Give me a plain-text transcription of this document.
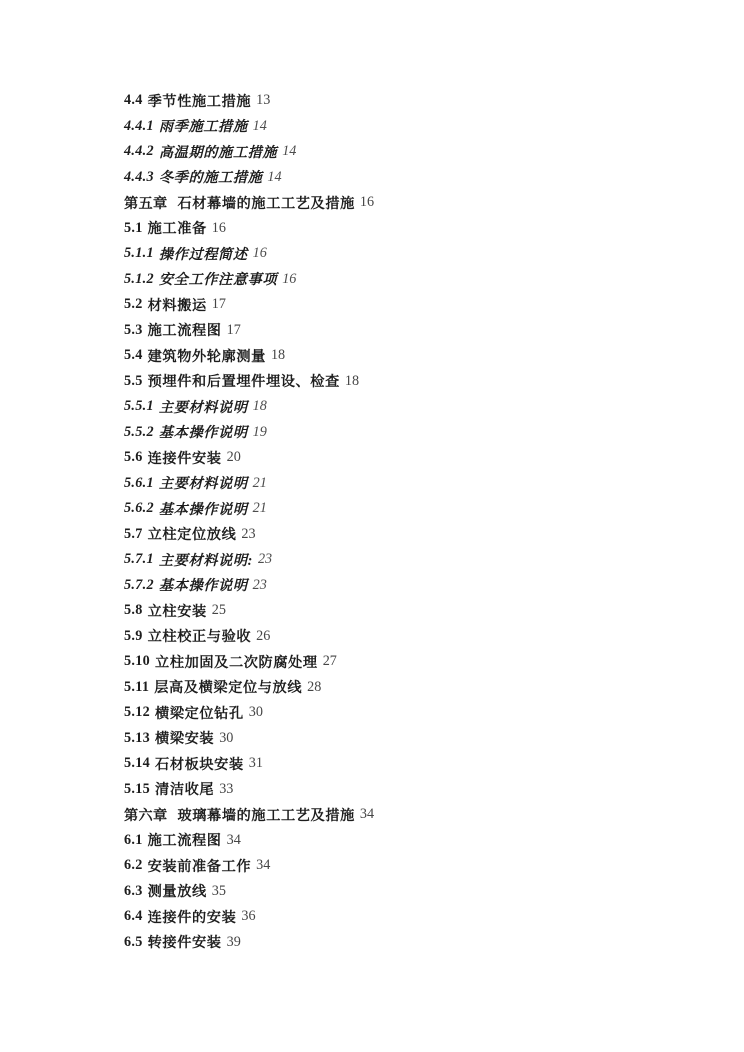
4.4 季节性施工措施 13
4.4.1 雨季施工措施 14
4.4.2 高温期的施工措施 14
4.4.3 冬季的施工措施 14
第五章 石材幕墙的施工工艺及措施 16
5.1 施工准备 16
5.1.1 操作过程简述 16
5.1.2 安全工作注意事项 16
5.2 材料搬运 17
5.3 施工流程图 17
5.4 建筑物外轮廓测量 18
5.5 预埋件和后置埋件埋设、检查 18
5.5.1 主要材料说明 18
5.5.2 基本操作说明 19
5.6 连接件安装 20
5.6.1 主要材料说明 21
5.6.2 基本操作说明 21
5.7 立柱定位放线 23
5.7.1 主要材料说明: 23
5.7.2 基本操作说明 23
5.8 立柱安装 25
5.9 立柱校正与验收 26
5.10 立柱加固及二次防腐处理 27
5.11 层高及横梁定位与放线 28
5.12 横梁定位钻孔 30
5.13 横梁安装 30
5.14 石材板块安装 31
5.15 清洁收尾 33
第六章 玻璃幕墙的施工工艺及措施 34
6.1 施工流程图 34
6.2 安装前准备工作 34
6.3 测量放线 35
6.4 连接件的安装 36
6.5 转接件安装 39
